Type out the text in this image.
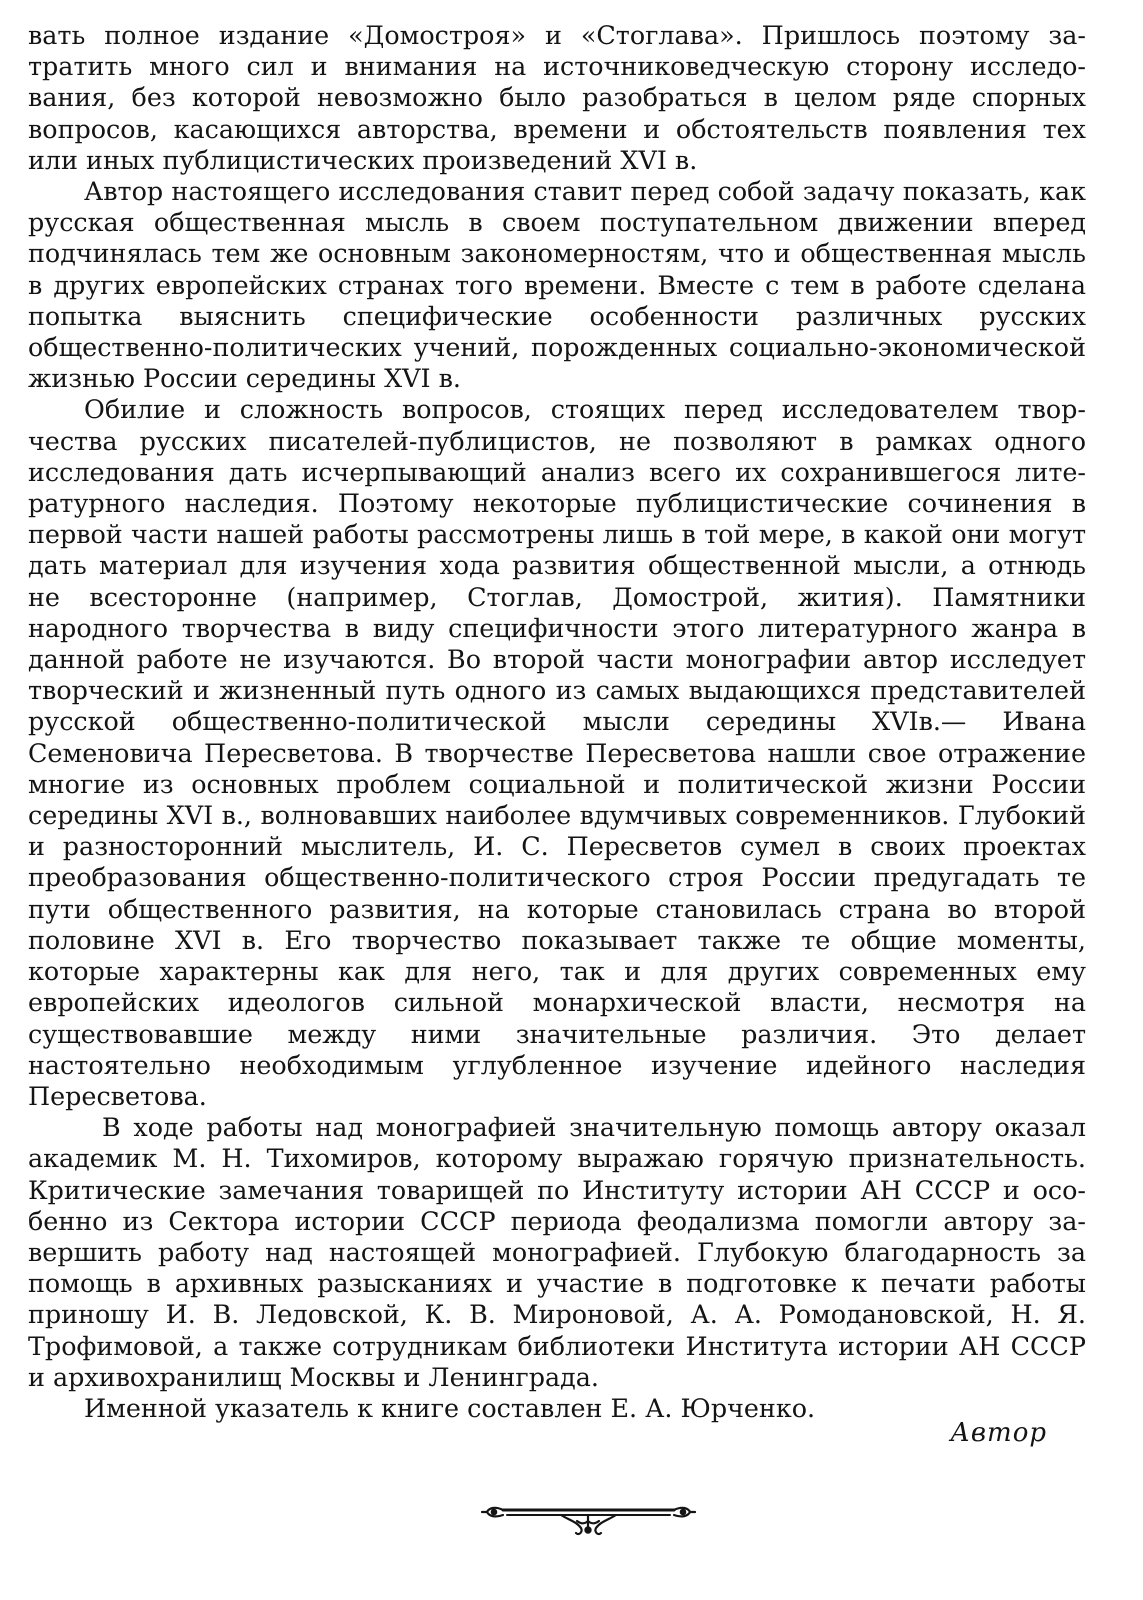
вать полное издание «Домостроя» и «Стоглава». Пришлось поэтому затратить много сил и внимания на источниковедческую сторону исследования, без которой невозможно было разобраться в целом ряде спорных вопросов, касающихся авторства, времени и обстоятельств появления тех или иных публицистических произведений XVI в.

Автор настоящего исследования ставит перед собой задачу показать, как русская общественная мысль в своем поступательном движении вперед подчинялась тем же основным закономерностям, что и общественная мысль в других европейских странах того времени. Вместе с тем в работе сделана попытка выяснить специфические особенности различных русских общественно-политических учений, порожденных социально-экономической жизнью России середины XVI в.

Обилие и сложность вопросов, стоящих перед исследователем творчества русских писателей-публицистов, не позволяют в рамках одного исследования дать исчерпывающий анализ всего их сохранившегося литературного наследия. Поэтому некоторые публицистические сочинения в первой части нашей работы рассмотрены лишь в той мере, в какой они могут дать материал для изучения хода развития общественной мысли, а отнюдь не всесторонне (например, Стоглав, Домострой, жития). Памятники народного творчества в виду специфичности этого литературного жанра в данной работе не изучаются. Во второй части монографии автор исследует творческий и жизненный путь одного из самых выдающихся представителей русской общественно-политической мысли середины XVIв.— Ивана Семеновича Пересветова. В творчестве Пересветова нашли свое отражение многие из основных проблем социальной и политической жизни России середины XVI в., волновавших наиболее вдумчивых современников. Глубокий и разносторонний мыслитель, И. С. Пересветов сумел в своих проектах преобразования общественно-политического строя России предугадать те пути общественного развития, на которые становилась страна во второй половине XVI в. Его творчество показывает также те общие моменты, которые характерны как для него, так и для других современных ему европейских идеологов сильной монархической власти, несмотря на существовавшие между ними значительные различия. Это делает настоятельно необходимым углубленное изучение идейного наследия Пересветова.

В ходе работы над монографией значительную помощь автору оказал академик М. Н. Тихомиров, которому выражаю горячую признательность. Критические замечания товарищей по Институту истории АН СССР и особенно из Сектора истории СССР периода феодализма помогли автору завершить работу над настоящей монографией. Глубокую благодарность за помощь в архивных разысканиях и участие в подготовке к печати работы приношу И. В. Ледовской, К. В. Мироновой, А. А. Ромодановской, Н. Я. Трофимовой, а также сотрудникам библиотеки Института истории АН СССР и архивохранилищ Москвы и Ленинграда.

Именной указатель к книге составлен Е. А. Юрченко.

Автор
